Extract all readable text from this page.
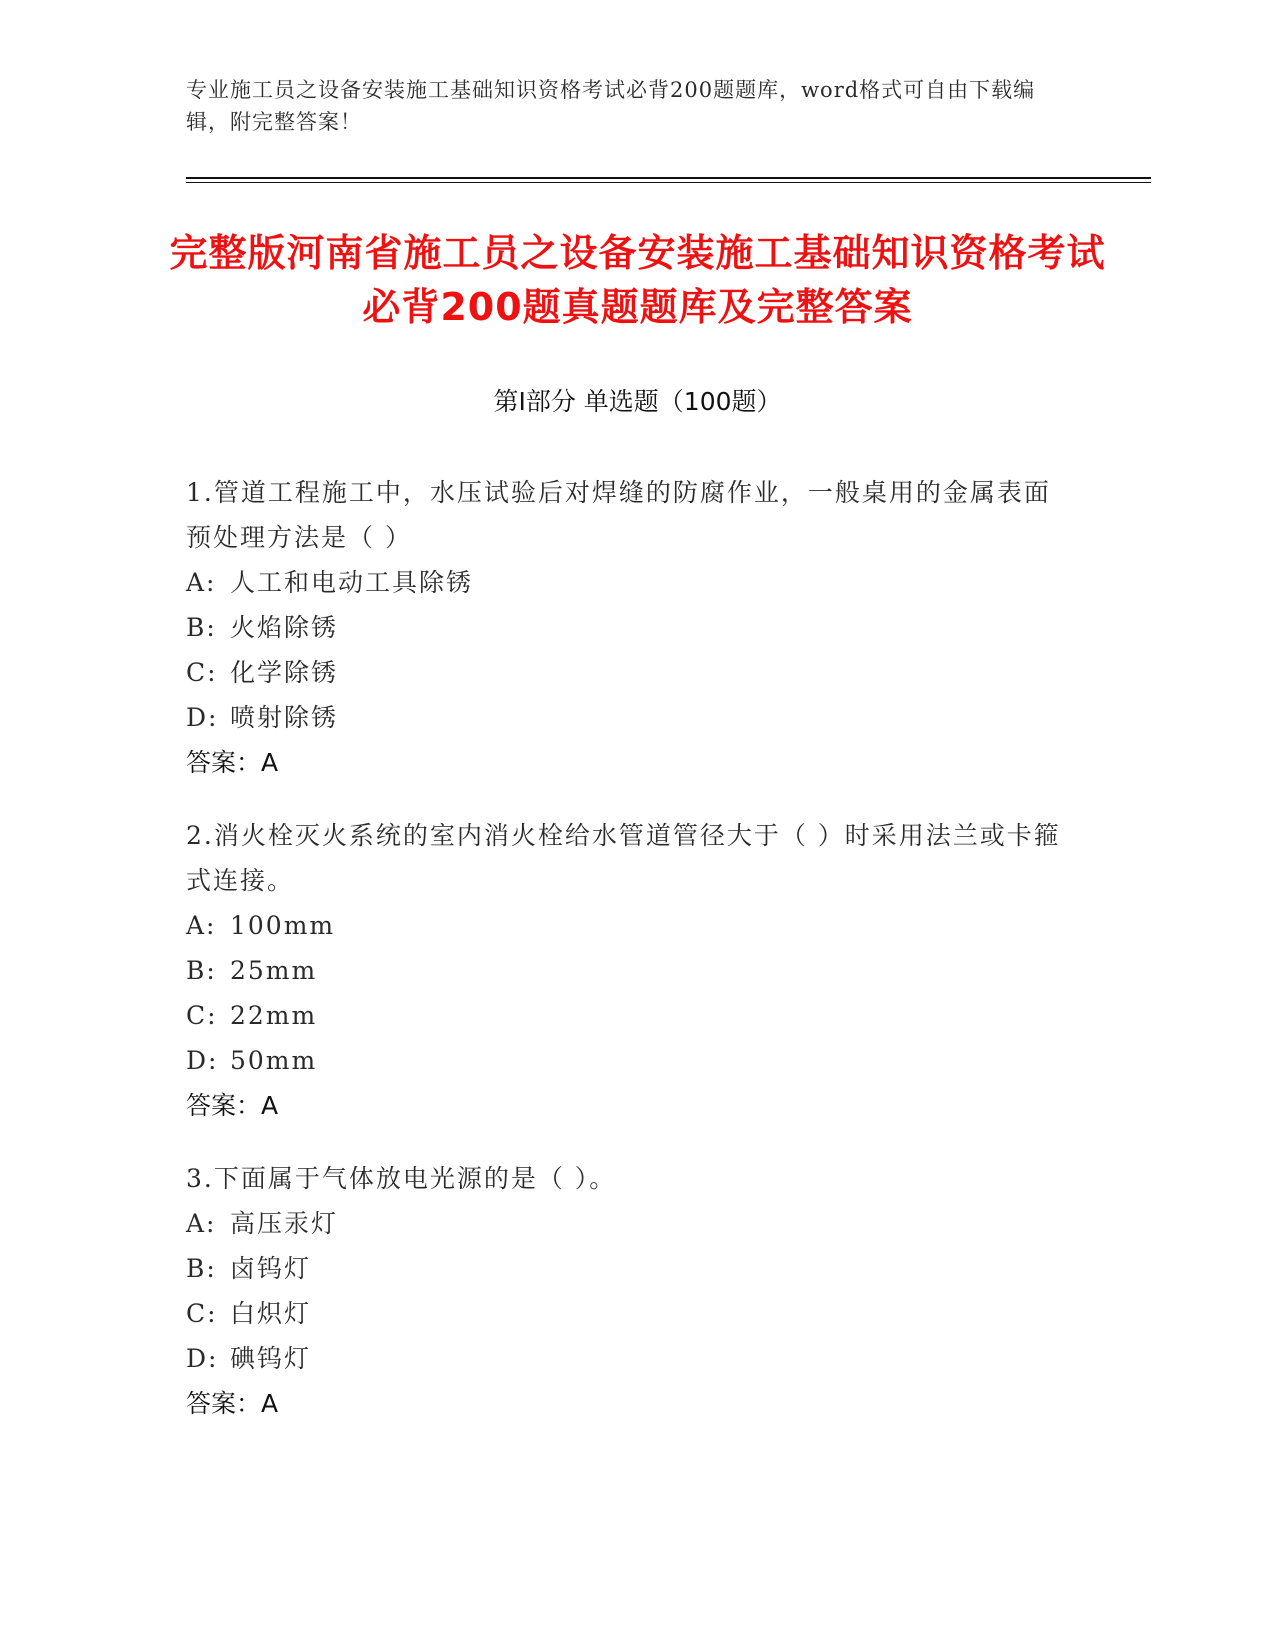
专业施工员之设备安装施工基础知识资格考试必背200题题库，word格式可自由下载编辑，附完整答案！
完整版河南省施工员之设备安装施工基础知识资格考试必背200题真题题库及完整答案
第I部分 单选题（100题）
1.管道工程施工中，水压试验后对焊缝的防腐作业，一般桌用的金属表面预处理方法是（ ）
A: 人工和电动工具除锈
B: 火焰除锈
C: 化学除锈
D: 喷射除锈
答案：A
2.消火栓灭火系统的室内消火栓给水管道管径大于（ ）时采用法兰或卡箍式连接。
A: 100mm
B: 25mm
C: 22mm
D: 50mm
答案：A
3.下面属于气体放电光源的是（ ）。
A: 高压汞灯
B: 卤钨灯
C: 白炽灯
D: 碘钨灯
答案：A
